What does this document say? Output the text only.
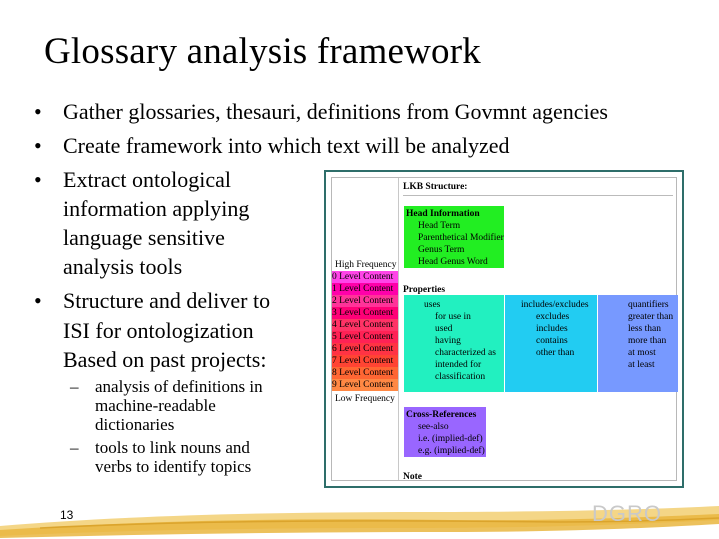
Glossary analysis framework
• Gather glossaries, thesauri, definitions from Govmnt agencies
• Create framework into which text will be analyzed
• Extract ontological
information applying
language sensitive
analysis tools
• Structure and deliver to
ISI for ontologization
Based on past projects:
– analysis of definitions in
machine-readable
dictionaries
– tools to link nouns and
verbs to identify topics
High Frequency
0 Level Content
1 Level Content
2 Level Content
3 Level Content
4 Level Content
5 Level Content
6 Level Content
7 Level Content
8 Level Content
9 Level Content
Low Frequency
LKB Structure:
Head Information
Head Term
Parenthetical Modifier
Genus Term
Head Genus Word
Properties
uses
for use in
used
having
characterized as
intended for
classification
includes/excludes
excludes
includes
contains
other than
quantifiers
greater than
less than
more than
at most
at least
Cross-References
see-also
i.e. (implied-def)
e.g. (implied-def)
Note
13	DGRO
